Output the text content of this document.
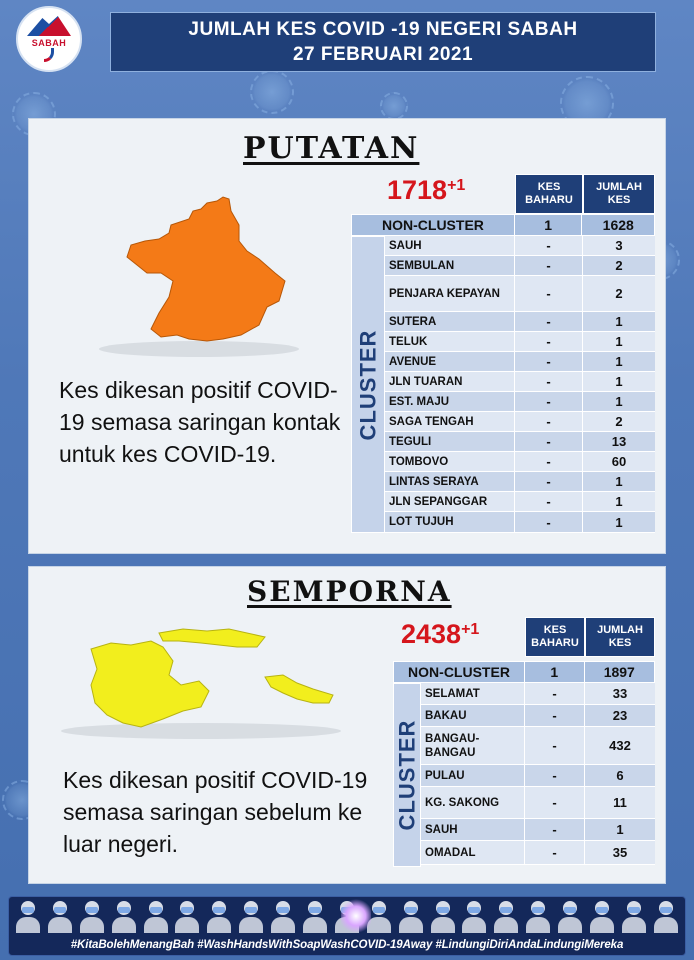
SABAH
JUMLAH KES COVID -19 NEGERI SABAH
27 FEBRUARI 2021
PUTATAN
$1718^{+1}$
Kes dikesan positif COVID-19 semasa saringan kontak untuk kes COVID-19.
KES BAHARU
JUMLAH KES
NON-CLUSTER	1	1628
CLUSTER
SAUH	-	3
SEMBULAN	-	2
PENJARA KEPAYAN	-	2
SUTERA	-	1
TELUK	-	1
AVENUE	-	1
JLN TUARAN	-	1
EST. MAJU	-	1
SAGA TENGAH	-	2
TEGULI	-	13
TOMBOVO	-	60
LINTAS SERAYA	-	1
JLN SEPANGGAR	-	1
LOT TUJUH	-	1
SEMPORNA
$2438^{+1}$
Kes dikesan positif COVID-19 semasa saringan sebelum ke luar negeri.
KES BAHARU
JUMLAH KES
NON-CLUSTER	1	1897
CLUSTER
SELAMAT	-	33
BAKAU	-	23
BANGAU-BANGAU	-	432
PULAU	-	6
KG. SAKONG	-	11
SAUH	-	1
OMADAL	-	35
#KitaBolehMenangBah #WashHandsWithSoapWashCOVID-19Away #LindungiDiriAndaLindungiMereka
